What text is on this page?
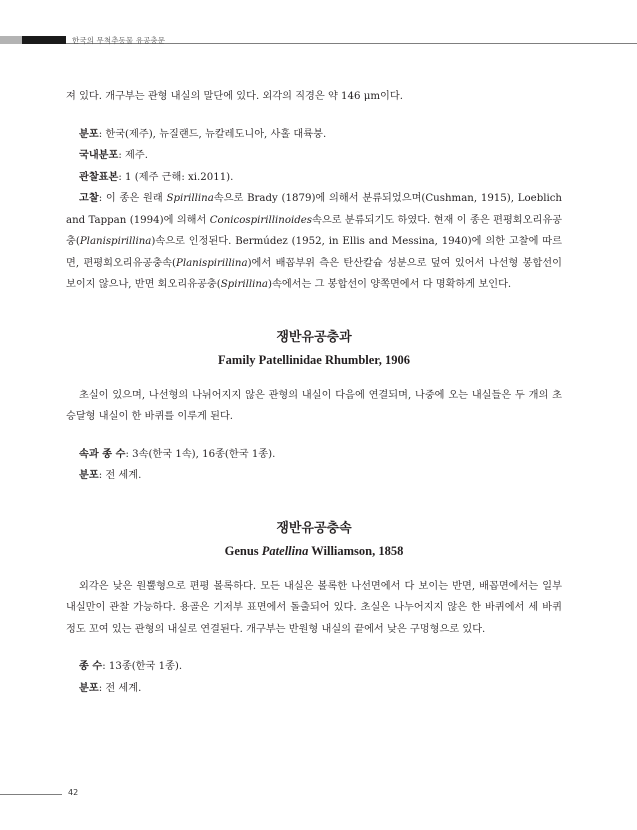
한국의 무척추동물 유공충문

져 있다. 개구부는 관형 내실의 말단에 있다. 외각의 직경은 약 146 μm이다.

분포: 한국(제주), 뉴질랜드, 뉴칼레도니아, 사홀 대륙붕.

국내분포: 제주.

관찰표본: 1 (제주 근해: xi.2011).

고찰: 이 종은 원래 Spirillina속으로 Brady (1879)에 의해서 분류되었으며(Cushman, 1915), Loeblich and Tappan (1994)에 의해서 Conicospirillinoides속으로 분류되기도 하였다. 현재 이 종은 편평회오리유공충(Planispirillina)속으로 인정된다. Bermúdez (1952, in Ellis and Messina, 1940)에 의한 고찰에 따르면, 편평회오리유공충속(Planispirillina)에서 배꼽부위 측은 탄산칼슘 성분으로 덮여 있어서 나선형 봉합선이 보이지 않으나, 반면 회오리유공충(Spirillina)속에서는 그 봉합선이 양쪽면에서 다 명확하게 보인다.

쟁반유공충과
Family Patellinidae Rhumbler, 1906

초실이 있으며, 나선형의 나뉘어지지 않은 관형의 내실이 다음에 연결되며, 나중에 오는 내실들은 두 개의 초승달형 내실이 한 바퀴를 이루게 된다.

속과 종 수: 3속(한국 1속), 16종(한국 1종).

분포: 전 세계.

쟁반유공충속
Genus Patellina Williamson, 1858

외각은 낮은 원뿔형으로 편평 볼록하다. 모든 내실은 볼록한 나선면에서 다 보이는 반면, 배꼽면에서는 일부 내실만이 관찰 가능하다. 용골은 기저부 표면에서 돌출되어 있다. 초실은 나누어지지 않은 한 바퀴에서 세 바퀴 정도 꼬여 있는 관형의 내실로 연결된다. 개구부는 반원형 내실의 끝에서 낮은 구멍형으로 있다.

종 수: 13종(한국 1종).

분포: 전 세계.

42
